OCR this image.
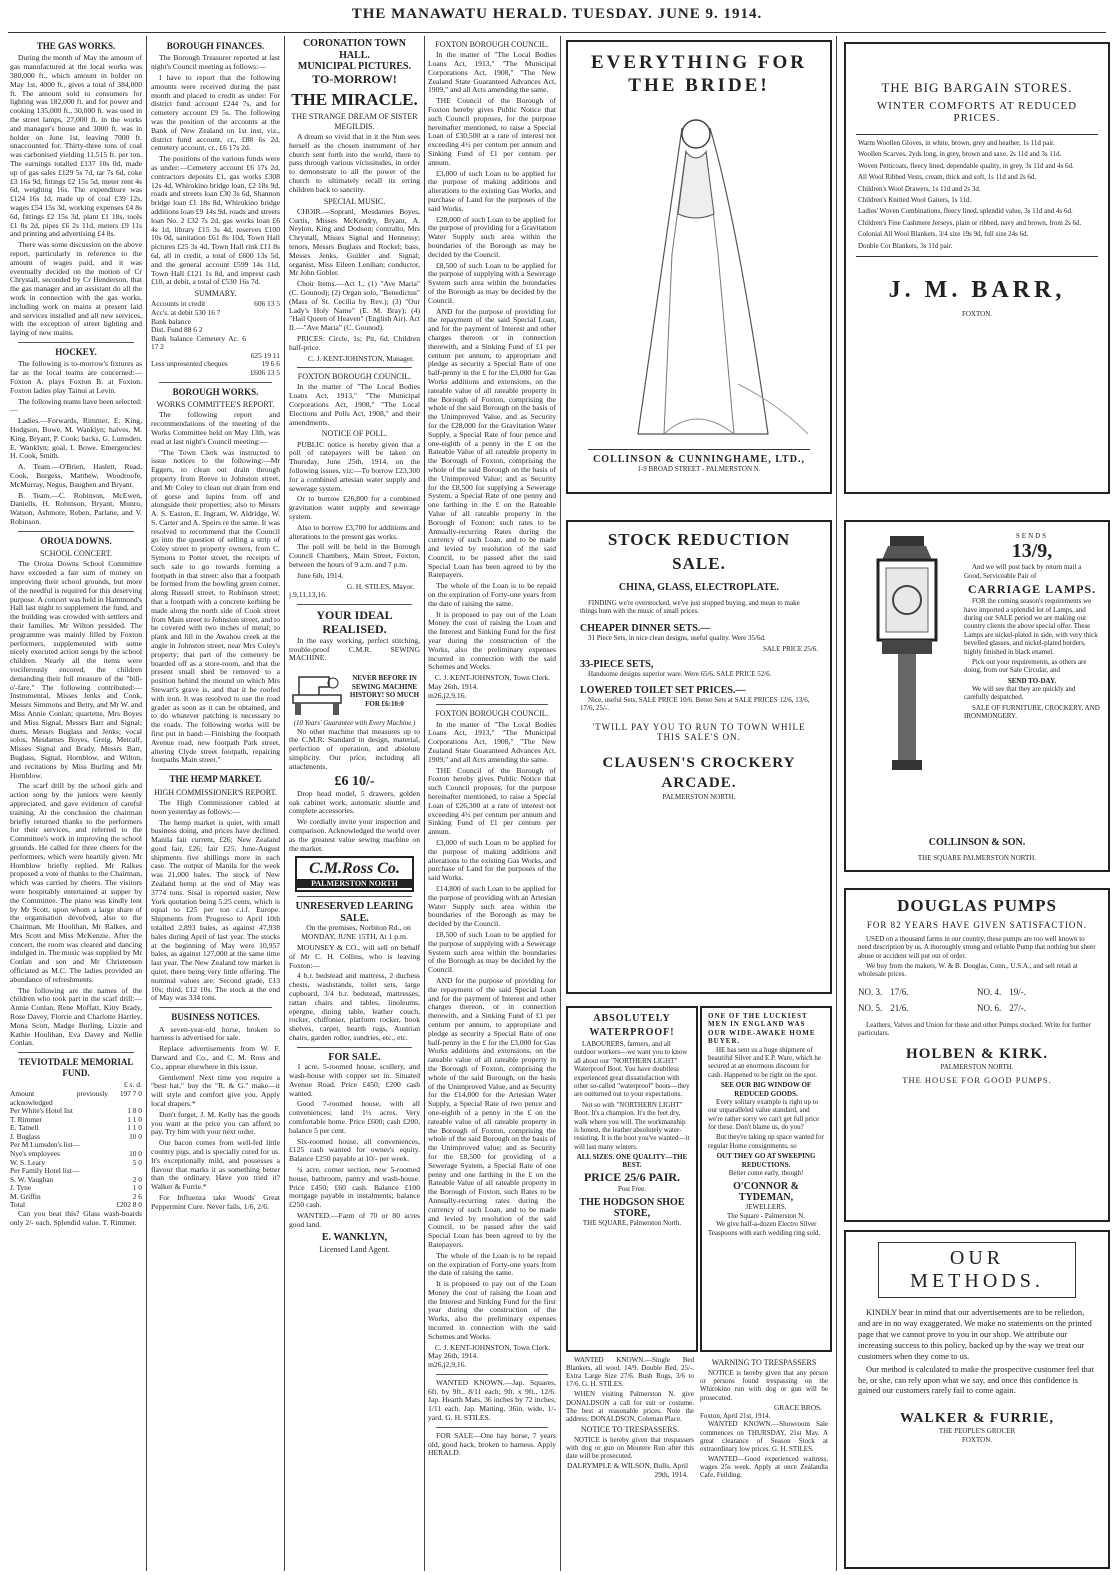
THE MANAWATU HERALD. TUESDAY. JUNE 9. 1914.
THE GAS WORKS.

During the month of May the amount of gas manufactured at the local works was 380,000 ft., which amount in holder on May 1st, 4000 ft., gives a total of 384,000 ft. The amount sold to consumers for lighting was 182,000 ft. and for power and cooking 135,000 ft., 30,000 ft. was used in the street lamps, 27,000 ft. in the works and manager's house and 3000 ft. was in holder on June 1st, leaving 7000 ft. unaccounted for. Thirty-three tons of coal was carbonised yielding 11,515 ft. per ton. The earnings totalled £137 10s 0d, made up of gas sales £129 5s 7d, tar 7s 6d, coke £3 16s 9d, fittings £2 15s 5d, meter rent 4s 6d, weighing 16s. The expenditure was £124 16s 1d, made up of coal £39 12s, wages £54 15s 3d, working expenses £4 8s 6d, fittings £2 15s 3d, plant £1 18s, tools £1 8s 2d, pipes £6 2s 11d, meters £9 11s and printing and advertising £4 8s.

There was some discussion on the above report, particularly in reference to the amount of wages paid, and it was eventually decided on the motion of Cr Chrystall, seconded by Cr Henderson, that the gas manager and an assistant do all the work in connection with the gas works, including work on mains at present laid and services installed and all new services, with the exception of street lighting and laying of new mains.

HOCKEY.

The following is to-morrow's fixtures as far as the local teams are concerned:—Foxton A. plays Foxton B. at Foxton. Foxton ladies play Tainui at Levin.

The following teams have been selected:—

Ladies.—Forwards, Rimmer, E. King, Hodgson, Bowe, M. Wanklyn; halves, M. King, Bryant, P. Cook; backs, G. Lumsden, E. Wanklyn; goal, I. Bowe. Emergencies: H. Cook, Smith.

A. Team.—O'Brien, Haslett, Read, Cook, Burgess, Matthew, Woodroofe, McMurray, Negus, Baughen and Bryant.

B. Team.—C. Robinson, McEwen, Daniells, H. Robinson, Bryant, Munro, Watson, Ashmore, Reben, Parlane, and V. Robinson.

OROUA DOWNS.
SCHOOL CONCERT.

The Oroua Downs School Committee have exceeded a fair sum of money on improving their school grounds, but more of the needful is required for this deserving purpose. A concert was held in Hammond's Hall last night to supplement the fund, and the building was crowded with settlers and their families. Mr Wilton presided. The programme was mainly filled by Foxton performers, supplemented with some nicely executed action songs by the school children. Nearly all the items were vociferously encored, the children demanding their full measure of the "bill-o'-fare." The following contributed:—Instrumental, Misses Jenks and Cook, Messrs Simmons and Betty, and Mr W. and Miss Annie Conlan; quartette, Mrs Boyes and Miss Signal, Messrs Barr and Signal; duets, Messrs Buglass and Jenks; vocal solos, Mesdames Boyes, Greig, Metcalf, Misses Signal and Brady, Messrs Barr, Buglass, Signal, Hornblow, and Wilton, and recitations by Miss Burling and Mr Hornblow.

The scarf drill by the school girls and action song by the juniors were keenly appreciated, and gave evidence of careful training. At the conclusion the chairman briefly returned thanks to the performers for their services, and referred to the Committee's work in improving the school grounds. He called for three cheers for the performers, which were heartily given. Mr Hornblow briefly replied. Mr Ralkes proposed a vote of thanks to the Chairman, which was carried by cheers. The visitors were hospitably entertained at supper by the Committee. The piano was kindly lent by Mr Scott, upon whom a large share of the organisation devolved, also to the Chairman, Mr Hoolihan, Mr Ralkes, and Mrs Scott and Miss McKenzie. After the concert, the room was cleared and dancing indulged in. The music was supplied by Mr Conlan and son and Mr Christensen officiated as M.C. The ladies provided an abundance of refreshments.

The following are the names of the children who took part in the scarf drill:—Annie Conlan, Rene Moffatt, Kitty Brady, Rose Davey, Florrie and Charlotte Hartley, Mona Scott, Madge Burling, Lizzie and Kathie Houlihan, Eva Davey and Nellie Conlan.

TEVIOTDALE MEMORIAL FUND.
£ s. d.
Amount previously acknowledged	197 7 0
Per White's Hotel list	1 8 0
T. Rimmer	1 1 0
E. Tatnell	1 1 0
J. Buglass	10 0
Per M Lumsden's list—	
Nye's employees	10 0
W. S. Leary	5 0
Per Family Hotel list—	
S. W. Vaughan	2 0
J. Tyne	1 0
M. Griffin	2 6
Total	£202 8 0

Can you beat this? Glass wash-boards only 2/- each. Splendid value. T. Rimmer.

BOROUGH FINANCES.

The Borough Treasurer reported at last night's Council meeting as follows:—

I have to report that the following amounts were received during the past month and placed to credit as under: For district fund account £244 7s, and for cemetery account £9 5s. The following was the position of the accounts at the Bank of New Zealand on 1st inst, viz., district fund account, cr., £88 6s 2d, cemetery account, cr., £6 17s 2d.

The positions of the various funds were as under:—Cemetery account £6 17s 2d, contractors deposits £1, gas works £308 12s 4d, Whirokino bridge loan, £2 18s 9d, roads and streets loan £30 3s 6d, Shannon bridge loan £1 18s 8d, Whirokino bridge additions loan £9 14s 9d, roads and streets loan No. 2 £32 7s 2d, gas works loan £6 4s 1d, library £15 3s 4d, reserves £100 10s 0d, sanitation £61 8s 10d, Town Hall pictures £25 3s 4d, Town Hall rink £11 8s 6d, all in credit, a total of £600 13s 5d, and the general account £599 14s 11d, Town Hall £121 1s 8d, and imprest cash £10, at debit, a total of £530 16s 7d.

SUMMARY.
Accounts in credit	606 13 5
Acc's. at debit 530 16 7	
Bank balance	
Dist. Fund 88 6 2	
Bank balance Cemetery Ac. 6 17 2	
	625 19 11
Less unpresented cheques	19 6 6
	£606 13 5
BOROUGH WORKS.
WORKS COMMITTEE'S REPORT.

The following report and recommendations of the meeting of the Works Committee held on May 13th, was read at last night's Council meeting:—

"The Town Clerk was instructed to issue notices to the following:—Mr Eggers, to clean out drain through property from Reeve to Johnston street, and Mr Coley to clean out drain from end of gorse and lupins from off and alongside their properties; also to Messrs A. S. Easton, E. Ingram, W. Aldridge, W. S. Carter and A. Speirs re the same. It was resolved to recommend that the Council go into the question of selling a strip of Coley street to property owners, from C. Symons to Potter street, the receipts of such sale to go towards forming a footpath in that street: also that a footpath be formed from the bowling green corner, along Russell street, to Robinson street; that a footpath with a concrete kerbing be made along the north side of Cook street from Main street to Johnston street, and to be covered with two inches of metal; to plank and fill in the Awahou creek at the angle in Johnston street, near Mrs Coley's property; that part of the cemetery be boarded off as a store-room, and that the present small shed be removed to a position behind the mound on which Mrs Stewart's grave is, and that it be roofed with iron. It was resolved to use the road grader as soon as it can be obtained, and to do whatever patching is necessary to the roads. The following works will be first put in hand:—Finishing the footpath Avenue road, new footpath Park street, altering Clyde street footpath, repairing footpaths Main street."

THE HEMP MARKET.
HIGH COMMISSIONER'S REPORT.

The High Commissioner cabled at noon yesterday as follows:—

The hemp market is quiet, with small business doing, and prices have declined. Manila fair current, £26; New Zealand good fair, £26; fair £25. June-August shipments five shillings more in each case. The output of Manila for the week was 21,000 bales. The stock of New Zealand hemp at the end of May was 3774 tons. Sisal is reported easier, New York quotation being 5.25 cents, which is equal to £25 per ton c.i.f. Europe. Shipments from Progreso to April 10th totalled 2,893 bales, as against 47,938 bales during April of last year. The stocks at the beginning of May were 10,957 bales, as against 127,000 at the same time last year. The New Zealand tow market is quiet, there being very little offering. The nominal values are: Second grade, £13 10s; third, £12 10s. The stock at the end of May was 334 tons.

BUSINESS NOTICES.

A seven-year-old horse, broken to harness is advertised for sale.

Replace advertisements from W. F. Darward and Co., and C. M. Ross and Co., appear elsewhere in this issue.

Gentlemen! Next time you require a "best hat," buy the "R. & G." make—it will style and comfort give you. Apply local drapers.*

Don't forget, J. M. Kelly has the goods you want at the price you can afford to pay. Try him with your next order.

Our bacon comes from well-fed little country pigs, and is specially cured for us. It's exceptionally mild, and possesses a flavour that marks it as something better than the ordinary. Have you tried it? Walker & Furrie.*

For Influenza take Woods' Great Peppermint Cure. Never fails, 1/6, 2/6.

CORONATION TOWN HALL.
MUNICIPAL PICTURES.
TO-MORROW!
THE MIRACLE.
THE STRANGE DREAM OF SISTER MEGILDIS.

A dream so vivid that in it the Nun sees herself as the chosen instrument of her church sent forth into the world, there to pass through various vicissitudes, in order to demonstrate to all the power of the church to ultimately recall its erring children back to sanctity.

SPECIAL MUSIC.

CHOIR.—Sopranl, Mesdames Boyes, Curtis, Misses McKendry, Bryant, A. Neylon, King and Dodson; contralto, Mrs Chrystall, Misses Signal and Hennessy; tenors, Messrs Buglass and Rockel; bass, Messrs Jenks, Guilder and Signal; organist, Miss Eileen Lenihan; conductor, Mr John Gobler.

Choir Items.—Act I., (1) "Ave Maria" (C. Gounod); (2) Organ solo, "Benedictus" (Mass of St. Cecilia by Rev.); (3) "Our Lady's Holy Name" (E. M. Bray); (4) "Hail Queen of Heaven" (English Air). Act II.—"Ave Maria" (C. Gounod).

PRICES: Circle, 1s; Pit, 6d. Children half-price.

C. J. KENT-JOHNSTON, Manager.
FOXTON BOROUGH COUNCIL.

In the matter of "The Local Bodies Loans Act, 1913," "The Municipal Corporations Act, 1908," "The Local Elections and Polls Act, 1908," and their amendments.

NOTICE OF POLL.

PUBLIC notice is hereby given that a poll of ratepayers will be taken on Thursday, June 25th, 1914, on the following issues, viz:—To borrow £23,300 for a combined artesian water supply and sewerage system.

Or to borrow £26,800 for a combined gravitation water supply and sewerage system.

Also to borrow £3,700 for additions and alterations to the present gas works.

The poll will be held in the Borough Council Chambers, Main Street, Foxton, between the hours of 9 a.m. and 7 p.m.

June 6th, 1914.

G. H. STILES, Mayor.
j.9,11,13,16.
YOUR IDEAL REALISED.

In the easy working, perfect stitching, trouble-proof C.M.R. SEWING MACHINE.

NEVER BEFORE IN SEWING MACHINE HISTORY! SO MUCH FOR £6:10:0
(10 Years' Guarantee with Every Machine.)

No other machine that measures up to the C.M.R. Standard in design, material, perfection of operation, and absolute simplicity. Our price, including all attachments,

£6 10/-

Drop head model, 5 drawers, golden oak cabinet work, automatic shuttle and complete accessories.

We cordially invite your inspection and comparison. Acknowledged the world over as the greatest value sewing machine on the market.

C.M.Ross Co.
PALMERSTON NORTH
UNRESERVED LEARING SALE.

On the premises, Norbiton Rd., on MONDAY, JUNE 15TH, At 1 p.m.

MOUNSEY & CO., will sell on behalf of Mr C. H. Collins, who is leaving Foxton:—

4 b.r. bedstead and mattress, 2 duchess chests, washstands, toilet sets, large cupboard, 3/4 b.r. bedstead, mattresses, rattan chairs and tables, linoleums, epergne, dining table, leather couch, rocker, chiffonier, platform rocker, book shelves, carpet, hearth rugs, Austrian chairs, garden roller, sundries, etc., etc.

FOR SALE.

1 acre, 5-roomed house, scullery, and wash-house with copper set in. Situated Avenue Road. Price £450; £200 cash wanted.

Good 7-roomed house, with all conveniences; land 1½ acres. Very comfortable home. Price £600; cash £200, balance 5 per cent.

Six-roomed house, all conveniences, £125 cash wanted for owner's equity. Balance £250 payable at 10/- per week.

¼ acre, corner section, new 5-roomed house, bathroom, pantry and wash-house. Price £450; £60 cash. Balance £100 mortgage payable in instalments; balance £250 cash.

WANTED.—Farm of 70 or 80 acres good land.

E. WANKLYN,
Licensed Land Agent.
FOXTON BOROUGH COUNCIL.

In the matter of "The Local Bodies Loans Act, 1913," "The Municipal Corporations Act, 1908," "The New Zealand State Guaranteed Advances Act, 1909," and all Acts amending the same.

THE Council of the Borough of Foxton hereby gives Public Notice that such Council proposes, for the purpose hereinafter mentioned, to raise a Special Loan of £30,500 at a rate of interest not exceeding 4½ per centum per annum and Sinking Fund of £1 per centum per annum.

£3,000 of such Loan to be applied for the purpose of making additions and alterations to the existing Gas Works, and purchase of Land for the purposes of the said Works.

£28,000 of such Loan to be applied for the purpose of providing for a Gravitation Water Supply such area within the boundaries of the Borough as may be decided by the Council.

£8,500 of such Loan to be applied for the purpose of supplying with a Sewerage System such area within the boundaries of the Borough as may be decided by the Council.

AND for the purpose of providing for the repayment of the said Special Loan, and for the payment of Interest and other charges thereon or in connection therewith, and a Sinking Fund of £1 per centum per annum, to appropriate and pledge as security a Special Rate of one half-penny in the £ for the £3,000 for Gas Works additions and extensions, on the rateable value of all rateable property in the Borough of Foxton, comprising the whole of the said Borough on the basis of the Unimproved Value, and as Security for the £28,000 for the Gravitation Water Supply, a Special Rate of four pence and one-eighth of a penny in the £ on the Rateable Value of all rateable property in the Borough of Foxton, comprising the whole of the said Borough on the basis of the Unimproved Value; and as Security for the £8,500 for supplying a Sewerage System, a Special Rate of one penny and one farthing in the £ on the Rateable Value of all rateable property in the Borough of Foxton; such rates to be Annually-recurring Rates during the currency of such Loan, and to be made and levied by resolution of the said Council, to be passed after the said Special Loan has been agreed to by the Ratepayers.

The whole of the Loan is to be repaid on the expiration of Forty-one years from the date of raising the same.

It is proposed to pay out of the Loan Money the cost of raising the Loan and the Interest and Sinking Fund for the first year during the construction of the Works, also the preliminary expenses incurred in connection with the said Schemes and Works.

C. J. KENT-JOHNSTON, Town Clerk.
May 26th, 1914.
m26,j2,9,16.
FOXTON BOROUGH COUNCIL.

In the matter of "The Local Bodies Loans Act, 1913," "The Municipal Corporations Act, 1908," "The New Zealand State Guaranteed Advances Act, 1909," and all Acts amending the same.

THE Council of the Borough of Foxton hereby gives Public Notice that such Council proposes, for the purpose hereinafter mentioned, to raise a Special Loan of £26,300 at a rate of interest not exceeding 4½ per centum per annum and Sinking Fund of £1 per centum per annum.

£3,000 of such Loan to be applied for the purpose of making additions and alterations to the existing Gas Works, and purchase of Land for the purposes of the said Works.

£14,800 of such Loan to be applied for the purpose of providing with an Artesian Water Supply such area within the boundaries of the Borough as may be decided by the Council.

£8,500 of such Loan to be applied for the purpose of supplying with a Sewerage System such area within the boundaries of the Borough as may be decided by the Council.

AND for the purpose of providing for the repayment of the said Special Loan and for the payment of Interest and other charges thereon, or in connection therewith, and a Sinking Fund of £1 per centum per annum, to appropriate and pledge as security a Special Rate of one half-penny in the £ for the £3,000 for Gas Works additions and extensions, on the rateable value of all rateable property in the Borough of Foxton, comprising the whole of the said Borough, on the basis of the Unimproved Value, and as Security for the £14,800 for the Artesian Water Supply, a Special Rate of two pence and one-eighth of a penny in the £ on the rateable value of all rateable property in the Borough of Foxton, comprising the whole of the said Borough on the basis of the Unimproved value; and as Security for the £8,500 for providing of a Sewerage System, a Special Rate of one penny and one farthing in the £ on the Rateable Value of all rateable property in the Borough of Foxton, such Rates to be Annually-recurring rates during the currency of such Loan, and to be made and levied by resolution of the said Council, to be passed after the said Special Loan has been agreed to by the Ratepayers.

The whole of the Loan is to be repaid on the expiration of Forty-one years from the date of raising the same.

It is proposed to pay out of the Loan Money the cost of raising the Loan and the Interest and Sinking Fund for the first year during the construction of the Works, also the preliminary expenses incurred in connection with the said Schemes and Works.

C. J. KENT-JOHNSTON, Town Clerk.
May 26th, 1914.
m26,j2,9,16.

WANTED KNOWN.—Jap. Squares, 6ft. by 9ft., 8/11 each; 9ft. x 9ft., 12/6. Jap. Hearth Mats, 36 inches by 72 inches, 1/11 each. Jap. Matting, 36in. wide, 1/- yard. G. H. STILES.

FOR SALE—One bay horse, 7 years old, good hack, broken to harness. Apply HERALD.

EVERYTHING FOR THE BRIDE!
COLLINSON & CUNNINGHAME, LTD.,
1-9 BROAD STREET - PALMERSTON N.
STOCK REDUCTION SALE.
CHINA, GLASS, ELECTROPLATE.

FINDING we're overstocked, we've just stopped buying, and mean to make things hum with the music of small prices.

CHEAPER DINNER SETS.—

31 Piece Sets, in nice clean designs, useful quality. Were 35/6d.

SALE PRICE 25/6.
33-PIECE SETS,

Handsome designs superior ware. Were 65/6. SALE PRICE 52/6.

LOWERED TOILET SET PRICES.—

Nice, useful Sets, SALE PRICE 10/6. Better Sets at SALE PRICES 12/6, 13/6, 17/6, 25/-.

'TWILL PAY YOU TO RUN TO TOWN WHILE THIS SALE'S ON.
CLAUSEN'S CROCKERY ARCADE.
PALMERSTON NORTH.
ABSOLUTELY WATERPROOF!

LABOURERS, farmers, and all outdoor workers—we want you to know all about our "NORTHERN LIGHT" Waterproof Boot. You have doubtless experienced great dissatisfaction with other so-called "waterproof" boots—they are outturned out to your expectations.

Not so with "NORTHERN LIGHT" Boot. It's a champion. It's the feet dry, walk where you will. The workmanship is honest, the leather absolutely water-resisting. It is the boot you've wanted—it will last many winters.

ALL SIZES. ONE QUALITY—THE BEST.
PRICE 25/6 PAIR.
Post Free.
THE HODGSON SHOE STORE,
THE SQUARE, Palmerston North.
ONE OF THE LUCKIEST MEN IN ENGLAND WAS OUR WIDE-AWAKE HOME BUYER.

HE has sent us a huge shipment of beautiful Silver and E.P. Ware, which he secured at an enormous discount for cash. Happened to be right on the spot.

SEE OUR BIG WINDOW OF REDUCED GOODS.

Every solitary example is right up to our unparalleled value standard, and we're rather sorry we can't get full price for these. Don't blame us, do you?

But they're taking up space wanted for regular Home consignments, so

OUT THEY GO AT SWEEPING REDUCTIONS.
Better come early, though!
O'CONNOR & TYDEMAN,
JEWELLERS.
The Square - Palmerston N.

We give half-a-dozen Electro Silver Teaspoons with each wedding ring sold.

WANTED KNOWN.—Single Bed Blankets, all wool, 14/9. Double Bed, 25/-. Extra Large Size 27/6. Bush Rugs, 3/6 to 17/6. G. H. STILES.

WHEN visiting Palmerston N. give DONALDSON a call for suit or costume. The best at reasonable prices. Note the address: DONALDSON, Coleman Place.

NOTICE TO TRESPASSERS.

NOTICE is hereby given that trespassers with dog or gun on Moutere Run after this date will be prosecuted.

DALRYMPLE & WILSON, Bulls, April 29th, 1914.
WARNING TO TRESPASSERS

NOTICE is hereby given that any person or persons found trespassing on the Whirokino run with dog or gun will be prosecuted.

GRACE BROS.
Foxton, April 21st, 1914.

WANTED KNOWN.—Showroom Sale commences on THURSDAY, 21st May. A great clearance of Season Stock at extraordinary low prices. G. H. STILES.

WANTED—Good experienced waitress, wages 25s week. Apply at once Zealandia Cafe, Feilding.

THE BIG BARGAIN STORES.
WINTER COMFORTS AT REDUCED PRICES.
Warm Woollen Gloves, in white, brown, grey and heather, 1s 11d pair.
Woollen Scarves, 2yds long, in grey, brown and saxe, 2s 11d and 3s 11d.
Woven Petticoats, fleecy lined, dependable quality, in grey, 3s 11d and 4s 6d.
All Wool Ribbed Vests, cream, thick and soft, 1s 11d and 2s 6d.
Children's Wool Drawers, 1s 11d and 2s 3d.
Children's Knitted Wool Gaiters, 1s 11d.
Ladies' Woven Combinations, fleecy lined, splendid value, 3s 11d and 4s 6d.
Children's Fine Cashmere Jerseys, plain or ribbed, navy and brown, from 2s 6d.
Colonial All Wool Blankets, 3/4 size 19s 9d, full size 24s 6d.
Double Cot Blankets, 3s 11d pair.
J. M. BARR,
FOXTON.
SENDS
13/9,

And we will post back by return mail a Good, Serviceable Pair of

CARRIAGE LAMPS.

FOR the coming season's requirements we have imported a splendid lot of Lamps, and during our SALE period we are making our country clients the above special offer. These Lamps are nickel-plated in side, with very thick bevelled glasses, and nickel-plated borders, highly finished in black enamel.

Pick out your requirements, as others are doing, from our Sale Circular, and

SEND TO-DAY.

We will see that they are quickly and carefully despatched.

SALE OF FURNITURE, CROCKERY, AND IRONMONGERY.

COLLINSON & SON.
THE SQUARE PALMERSTON NORTH.
DOUGLAS PUMPS
FOR 82 YEARS HAVE GIVEN SATISFACTION.

USED on a thousand farms in our country, these pumps are too well known to need description by us. A thoroughly strong and reliable Pump that nothing but sheer abuse or accident will put out of order.

We buy from the makers, W. & B. Douglas, Conn., U.S.A., and sell retail at wholesale prices.

NO. 3. 17/6.	NO. 4. 19/-.
NO. 5. 21/6.	NO. 6. 27/-.

Leathers, Valves and Union for these and other Pumps stocked. Write for further particulars.

HOLBEN & KIRK.
PALMERSTON NORTH.
THE HOUSE FOR GOOD PUMPS.
OUR METHODS.

KINDLY bear in mind that our advertisements are to be reliedon, and are in no way exaggerated. We make no statements on the printed page that we cannot prove to you in our shop. We attribute our increasing success to this policy, backed up by the way we treat our customers when they come to us.

Our method is calculated to make the prospective customer feel that he, or she, can rely upon what we say, and once this confidence is gained our customers rarely fail to come again.

WALKER & FURRIE,
THE PEOPLE'S GROCER
FOXTON.
